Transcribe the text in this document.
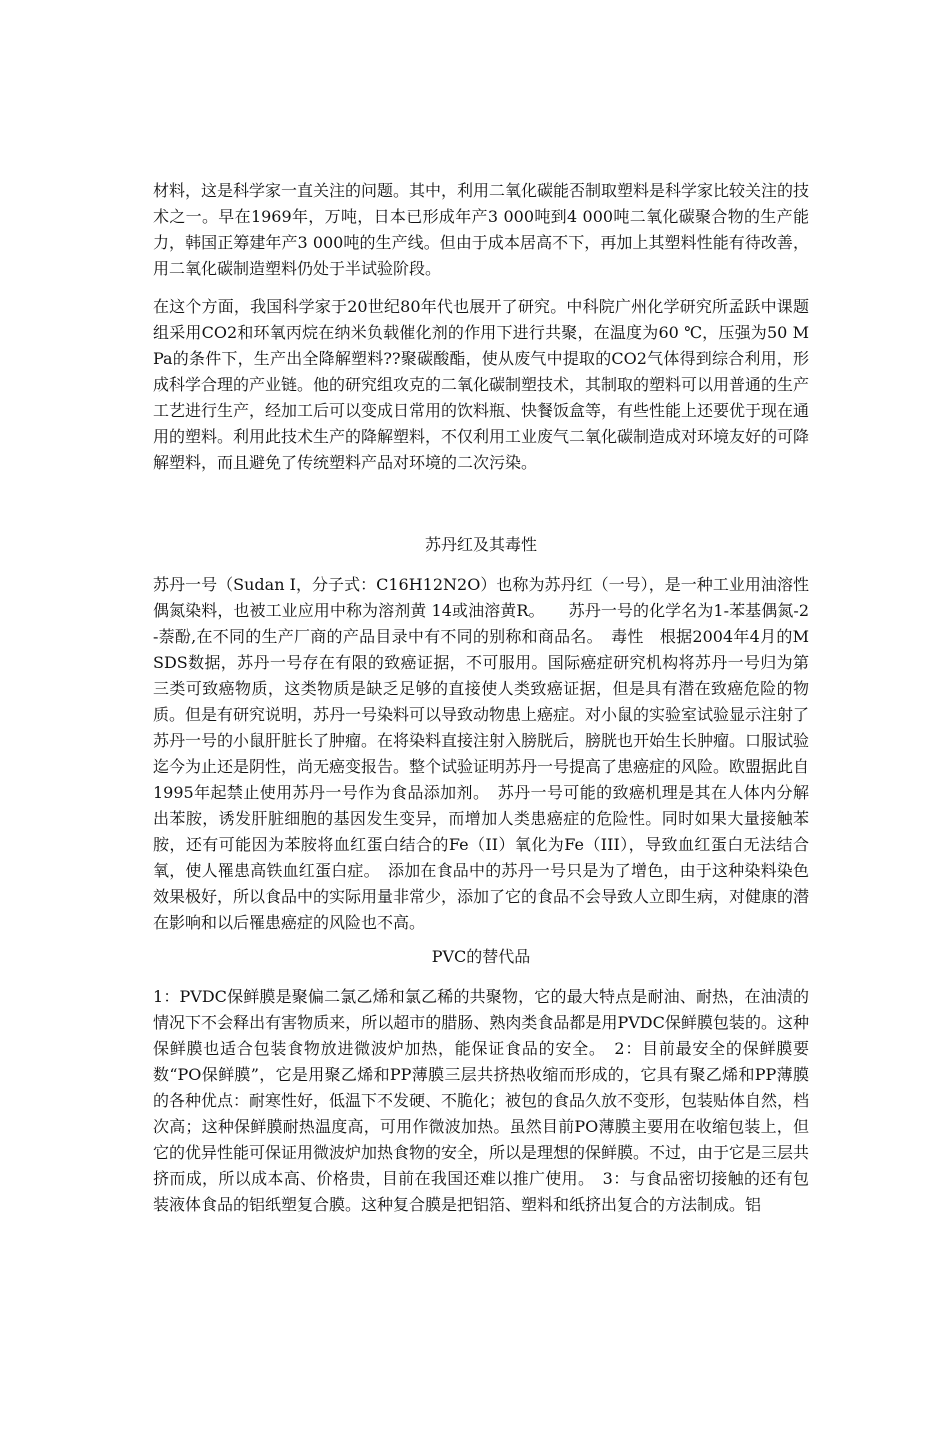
材料，这是科学家一直关注的问题。其中，利用二氧化碳能否制取塑料是科学家比较关注的技术之一。早在1969年，万吨，日本已形成年产3 000吨到4 000吨二氧化碳聚合物的生产能力，韩国正筹建年产3 000吨的生产线。但由于成本居高不下，再加上其塑料性能有待改善，用二氧化碳制造塑料仍处于半试验阶段。

在这个方面，我国科学家于20世纪80年代也展开了研究。中科院广州化学研究所孟跃中课题组采用CO2和环氧丙烷在纳米负载催化剂的作用下进行共聚，在温度为60 ℃，压强为50 MPa的条件下，生产出全降解塑料??聚碳酸酯，使从废气中提取的CO2气体得到综合利用，形成科学合理的产业链。他的研究组攻克的二氧化碳制塑技术，其制取的塑料可以用普通的生产工艺进行生产，经加工后可以变成日常用的饮料瓶、快餐饭盒等，有些性能上还要优于现在通用的塑料。利用此技术生产的降解塑料，不仅利用工业废气二氧化碳制造成对环境友好的可降解塑料，而且避免了传统塑料产品对环境的二次污染。

苏丹红及其毒性

苏丹一号（Sudan I，分子式：C16H12N2O）也称为苏丹红（一号），是一种工业用油溶性偶氮染料，也被工业应用中称为溶剂黄 14或油溶黄R。　　苏丹一号的化学名为1-苯基偶氮-2-萘酚,在不同的生产厂商的产品目录中有不同的别称和商品名。　毒性　根据2004年4月的MSDS数据，苏丹一号存在有限的致癌证据，不可服用。国际癌症研究机构将苏丹一号归为第三类可致癌物质，这类物质是缺乏足够的直接使人类致癌证据，但是具有潜在致癌危险的物质。但是有研究说明，苏丹一号染料可以导致动物患上癌症。对小鼠的实验室试验显示注射了苏丹一号的小鼠肝脏长了肿瘤。在将染料直接注射入膀胱后，膀胱也开始生长肿瘤。口服试验迄今为止还是阴性，尚无癌变报告。整个试验证明苏丹一号提高了患癌症的风险。欧盟据此自1995年起禁止使用苏丹一号作为食品添加剂。　苏丹一号可能的致癌机理是其在人体内分解出苯胺，诱发肝脏细胞的基因发生变异，而增加人类患癌症的危险性。同时如果大量接触苯胺，还有可能因为苯胺将血红蛋白结合的Fe（II）氧化为Fe（III），导致血红蛋白无法结合氧，使人罹患高铁血红蛋白症。　添加在食品中的苏丹一号只是为了增色，由于这种染料染色效果极好，所以食品中的实际用量非常少，添加了它的食品不会导致人立即生病，对健康的潜在影响和以后罹患癌症的风险也不高。

PVC的替代品

1：PVDC保鲜膜是聚偏二氯乙烯和氯乙稀的共聚物，它的最大特点是耐油、耐热，在油渍的情况下不会释出有害物质来，所以超市的腊肠、熟肉类食品都是用PVDC保鲜膜包装的。这种保鲜膜也适合包装食物放进微波炉加热，能保证食品的安全。　2：目前最安全的保鲜膜要数“PO保鲜膜”，它是用聚乙烯和PP薄膜三层共挤热收缩而形成的，它具有聚乙烯和PP薄膜的各种优点：耐寒性好，低温下不发硬、不脆化；被包的食品久放不变形，包装贴体自然，档次高；这种保鲜膜耐热温度高，可用作微波加热。虽然目前PO薄膜主要用在收缩包装上，但它的优异性能可保证用微波炉加热食物的安全，所以是理想的保鲜膜。不过，由于它是三层共挤而成，所以成本高、价格贵，目前在我国还难以推广使用。　3：与食品密切接触的还有包装液体食品的铝纸塑复合膜。这种复合膜是把铝箔、塑料和纸挤出复合的方法制成。铝
